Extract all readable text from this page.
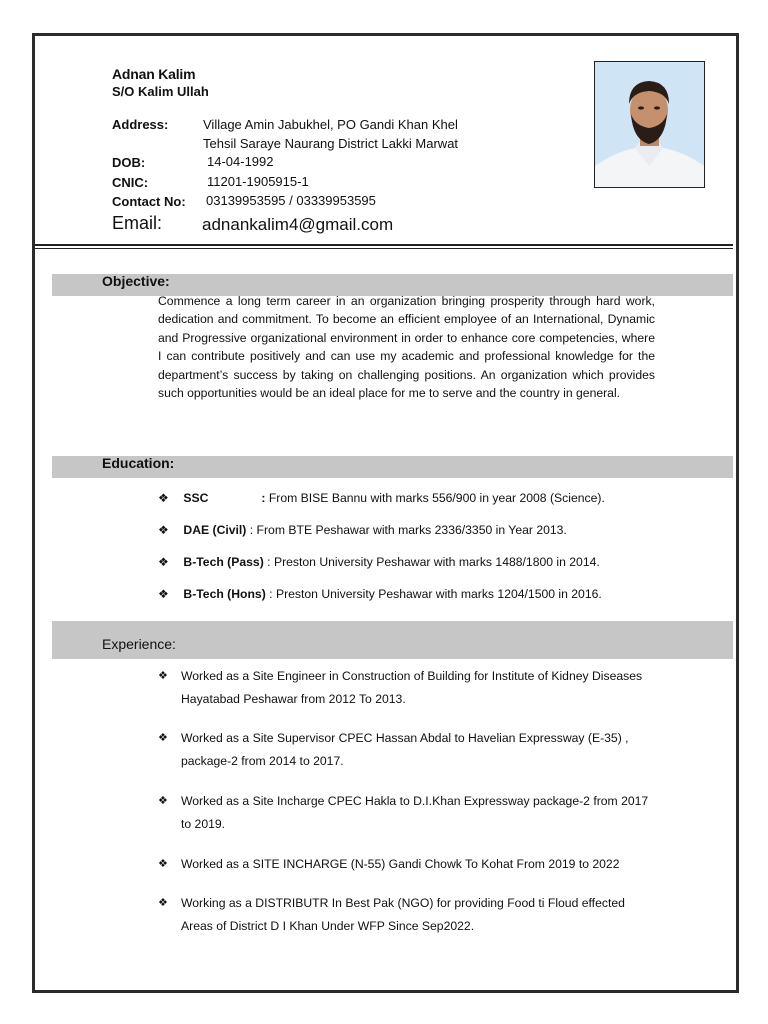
Adnan Kalim
S/O Kalim Ullah
Address:	Village Amin Jabukhel, PO Gandi Khan Khel
Tehsil Saraye Naurang District Lakki Marwat
DOB:	14-04-1992
CNIC:	11201-1905915-1
Contact No: 03139953595 / 03339953595
Email: adnankalim4@gmail.com
Objective:
Commence a long term career in an organization bringing prosperity through hard work, dedication and commitment. To become an efficient employee of an International, Dynamic and Progressive organizational environment in order to enhance core competencies, where I can contribute positively and can use my academic and professional knowledge for the department’s success by taking on challenging positions. An organization which provides such opportunities would be an ideal place for me to serve and the country in general.
Education:
❖ SSC	: From BISE Bannu with marks 556/900 in year 2008 (Science).
❖ DAE (Civil) : From BTE Peshawar with marks 2336/3350 in Year 2013.
❖ B-Tech (Pass) : Preston University Peshawar with marks 1488/1800 in 2014.
❖ B-Tech (Hons) : Preston University Peshawar with marks 1204/1500 in 2016.
Experience:
❖ Worked as a Site Engineer in Construction of Building for Institute of Kidney Diseases Hayatabad Peshawar from 2012 To 2013.
❖ Worked as a Site Supervisor CPEC Hassan Abdal to Havelian Expressway (E-35) , package-2 from 2014 to 2017.
❖ Worked as a Site Incharge CPEC Hakla to D.I.Khan Expressway package-2 from 2017 to 2019.
❖ Worked as a SITE INCHARGE (N-55) Gandi Chowk To Kohat From 2019 to 2022
❖ Working as a DISTRIBUTR In Best Pak (NGO) for providing Food ti Floud effected Areas of District D I Khan Under WFP Since Sep2022.
